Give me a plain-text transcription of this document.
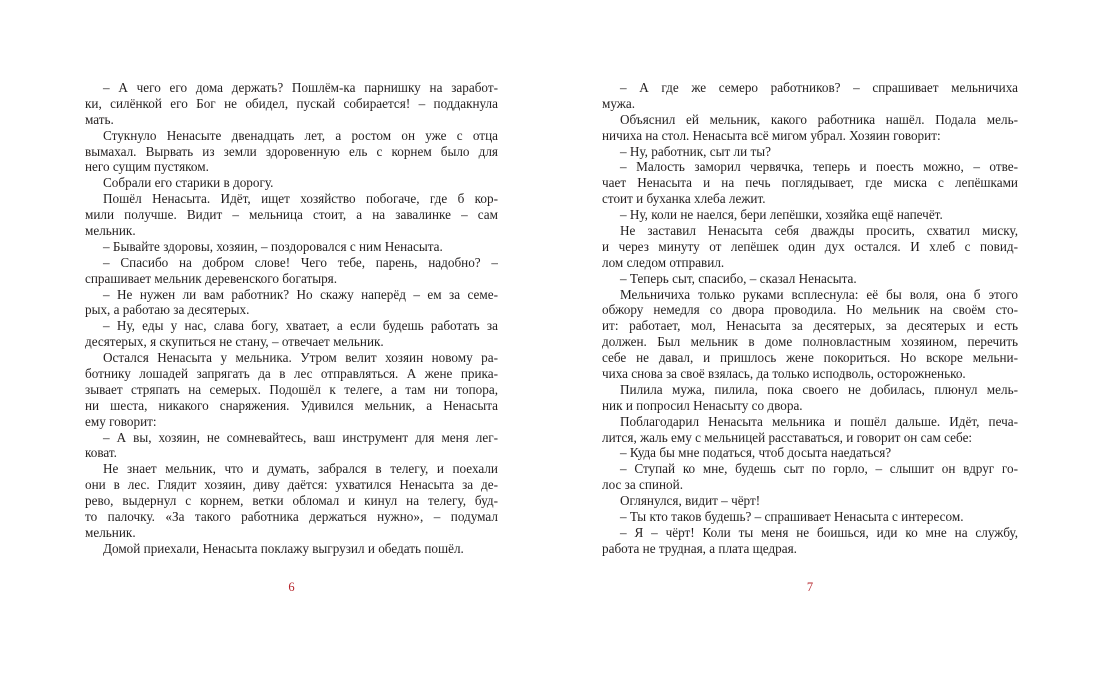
– А чего его дома держать? Пошлём-ка парнишку на заработ-
ки, силёнкой его Бог не обидел, пускай собирается! – поддакнула
мать.
Стукнуло Ненасыте двенадцать лет, а ростом он уже с отца
вымахал. Вырвать из земли здоровенную ель с корнем было для
него сущим пустяком.
Собрали его старики в дорогу.
Пошёл Ненасыта. Идёт, ищет хозяйство побогаче, где б кор-
мили получше. Видит – мельница стоит, а на завалинке – сам
мельник.
– Бывайте здоровы, хозяин, – поздоровался с ним Ненасыта.
– Спасибо на добром слове! Чего тебе, парень, надобно? –
спрашивает мельник деревенского богатыря.
– Не нужен ли вам работник? Но скажу наперёд – ем за семе-
рых, а работаю за десятерых.
– Ну, еды у нас, слава богу, хватает, а если будешь работать за
десятерых, я скупиться не стану, – отвечает мельник.
Остался Ненасыта у мельника. Утром велит хозяин новому ра-
ботнику лошадей запрягать да в лес отправляться. А жене прика-
зывает стряпать на семерых. Подошёл к телеге, а там ни топора,
ни шеста, никакого снаряжения. Удивился мельник, а Ненасыта
ему говорит:
– А вы, хозяин, не сомневайтесь, ваш инструмент для меня лег-
коват.
Не знает мельник, что и думать, забрался в телегу, и поехали
они в лес. Глядит хозяин, диву даётся: ухватился Ненасыта за де-
рево, выдернул с корнем, ветки обломал и кинул на телегу, буд-
то палочку. «За такого работника держаться нужно», – подумал
мельник.
Домой приехали, Ненасыта поклажу выгрузил и обедать пошёл.
6
– А где же семеро работников? – спрашивает мельничиха
мужа.
Объяснил ей мельник, какого работника нашёл. Подала мель-
ничиха на стол. Ненасыта всё мигом убрал. Хозяин говорит:
– Ну, работник, сыт ли ты?
– Малость заморил червячка, теперь и поесть можно, – отве-
чает Ненасыта и на печь поглядывает, где миска с лепёшками
стоит и буханка хлеба лежит.
– Ну, коли не наелся, бери лепёшки, хозяйка ещё напечёт.
Не заставил Ненасыта себя дважды просить, схватил миску,
и через минуту от лепёшек один дух остался. И хлеб с повид-
лом следом отправил.
– Теперь сыт, спасибо, – сказал Ненасыта.
Мельничиха только руками всплеснула: её бы воля, она б этого
обжору немедля со двора проводила. Но мельник на своём сто-
ит: работает, мол, Ненасыта за десятерых, за десятерых и есть
должен. Был мельник в доме полновластным хозяином, перечить
себе не давал, и пришлось жене покориться. Но вскоре мельни-
чиха снова за своё взялась, да только исподволь, осторожненько.
Пилила мужа, пилила, пока своего не добилась, плюнул мель-
ник и попросил Ненасыту со двора.
Поблагодарил Ненасыта мельника и пошёл дальше. Идёт, печа-
лится, жаль ему с мельницей расставаться, и говорит он сам себе:
– Куда бы мне податься, чтоб досыта наедаться?
– Ступай ко мне, будешь сыт по горло, – слышит он вдруг го-
лос за спиной.
Оглянулся, видит – чёрт!
– Ты кто таков будешь? – спрашивает Ненасыта с интересом.
– Я – чёрт! Коли ты меня не боишься, иди ко мне на службу,
работа не трудная, а плата щедрая.
7
